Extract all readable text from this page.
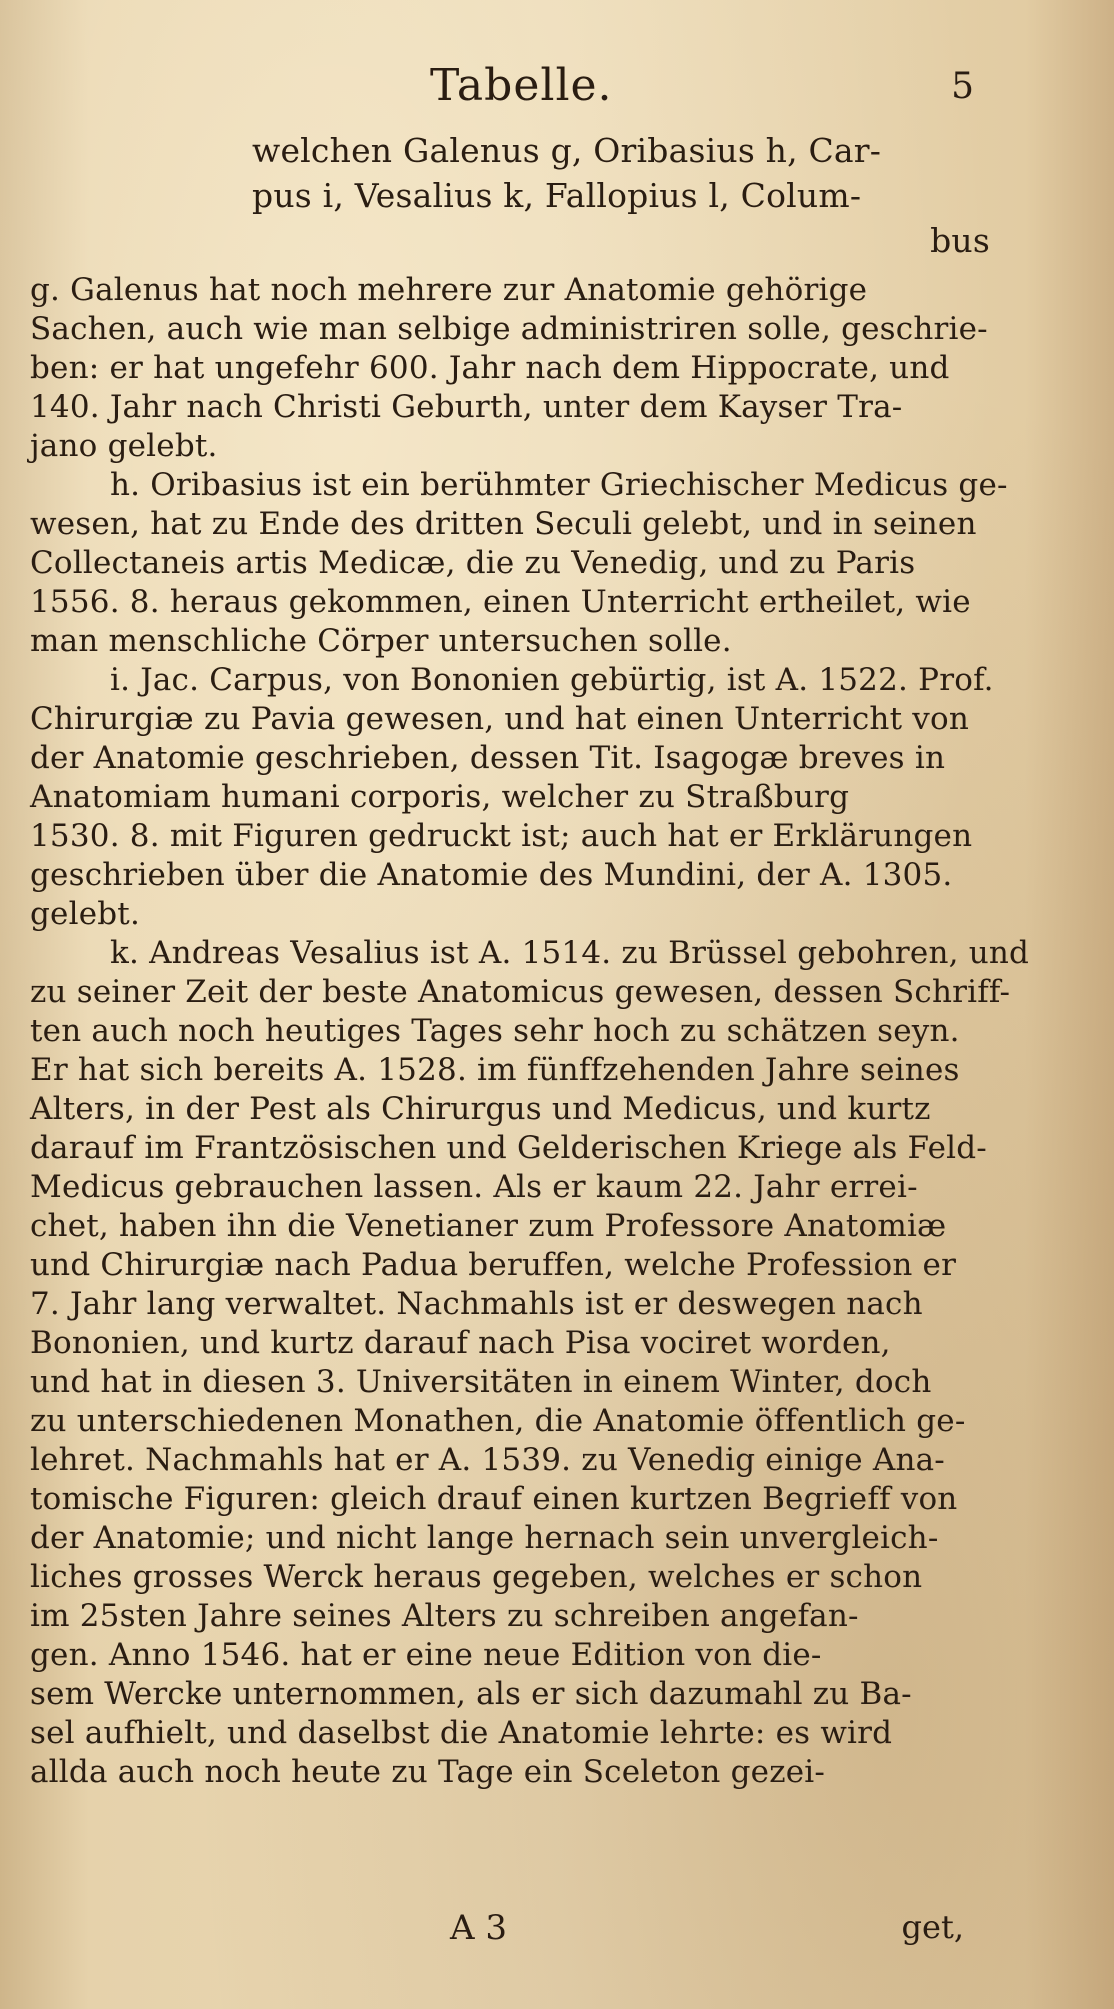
Tabelle.	5
welchen Galenus g, Oribasius h, Car-
pus i, Vesalius k, Fallopius l, Colum-
bus
g. Galenus hat noch mehrere zur Anatomie gehörige
Sachen, auch wie man selbige administriren solle, geschrie-
ben: er hat ungefehr 600. Jahr nach dem Hippocrate, und
140. Jahr nach Christi Geburth, unter dem Kayser Tra-
jano gelebt.
h. Oribasius ist ein berühmter Griechischer Medicus ge-
wesen, hat zu Ende des dritten Seculi gelebt, und in seinen
Collectaneis artis Medicæ, die zu Venedig, und zu Paris
1556. 8. heraus gekommen, einen Unterricht ertheilet, wie
man menschliche Cörper untersuchen solle.
i. Jac. Carpus, von Bononien gebürtig, ist A. 1522. Prof.
Chirurgiæ zu Pavia gewesen, und hat einen Unterricht von
der Anatomie geschrieben, dessen Tit. Isagogæ breves in
Anatomiam humani corporis, welcher zu Straßburg
1530. 8. mit Figuren gedruckt ist; auch hat er Erklärungen
geschrieben über die Anatomie des Mundini, der A. 1305.
gelebt.
k. Andreas Vesalius ist A. 1514. zu Brüssel gebohren, und
zu seiner Zeit der beste Anatomicus gewesen, dessen Schriff-
ten auch noch heutiges Tages sehr hoch zu schätzen seyn.
Er hat sich bereits A. 1528. im fünffzehenden Jahre seines
Alters, in der Pest als Chirurgus und Medicus, und kurtz
darauf im Frantzösischen und Gelderischen Kriege als Feld-
Medicus gebrauchen lassen. Als er kaum 22. Jahr errei-
chet, haben ihn die Venetianer zum Professore Anatomiæ
und Chirurgiæ nach Padua beruffen, welche Profession er
7. Jahr lang verwaltet. Nachmahls ist er deswegen nach
Bononien, und kurtz darauf nach Pisa vociret worden,
und hat in diesen 3. Universitäten in einem Winter, doch
zu unterschiedenen Monathen, die Anatomie öffentlich ge-
lehret. Nachmahls hat er A. 1539. zu Venedig einige Ana-
tomische Figuren: gleich drauf einen kurtzen Begrieff von
der Anatomie; und nicht lange hernach sein unvergleich-
liches grosses Werck heraus gegeben, welches er schon
im 25sten Jahre seines Alters zu schreiben angefan-
gen. Anno 1546. hat er eine neue Edition von die-
sem Wercke unternommen, als er sich dazumahl zu Ba-
sel aufhielt, und daselbst die Anatomie lehrte: es wird
allda auch noch heute zu Tage ein Sceleton gezei-
A 3	get,
